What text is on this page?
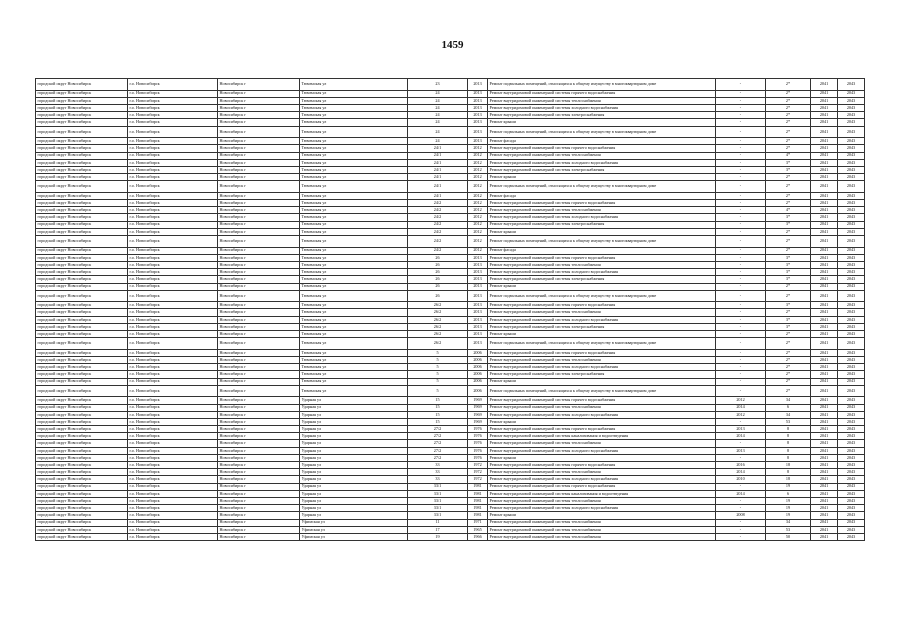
1459
городской округ Новосибирск	г.о. Новосибирск	Новосибирск г	Тюменская ул	23	2013	Ремонт подвальных помещений, относящихся к общему имуществу в многоквартирном доме	-	2*	2041	2043
городской округ Новосибирск	г.о. Новосибирск	Новосибирск г	Тюменская ул	24	2013	Ремонт внутридомовой инженерной системы горячего водоснабжения	-	2*	2041	2043
городской округ Новосибирск	г.о. Новосибирск	Новосибирск г	Тюменская ул	24	2013	Ремонт внутридомовой инженерной системы теплоснабжения	-	2*	2041	2043
городской округ Новосибирск	г.о. Новосибирск	Новосибирск г	Тюменская ул	24	2013	Ремонт внутридомовой инженерной системы холодного водоснабжения	-	2*	2041	2043
городской округ Новосибирск	г.о. Новосибирск	Новосибирск г	Тюменская ул	24	2013	Ремонт внутридомовой инженерной системы электроснабжения	-	2*	2041	2043
городской округ Новосибирск	г.о. Новосибирск	Новосибирск г	Тюменская ул	24	2013	Ремонт крыши	-	2*	2041	2043
городской округ Новосибирск	г.о. Новосибирск	Новосибирск г	Тюменская ул	24	2013	Ремонт подвальных помещений, относящихся к общему имуществу в многоквартирном доме	-	2*	2041	2043
городской округ Новосибирск	г.о. Новосибирск	Новосибирск г	Тюменская ул	24	2013	Ремонт фасада	-	2*	2041	2043
городской округ Новосибирск	г.о. Новосибирск	Новосибирск г	Тюменская ул	24/1	2012	Ремонт внутридомовой инженерной системы горячего водоснабжения	-	2*	2041	2043
городской округ Новосибирск	г.о. Новосибирск	Новосибирск г	Тюменская ул	24/1	2012	Ремонт внутридомовой инженерной системы теплоснабжения	-	4*	2041	2043
городской округ Новосибирск	г.о. Новосибирск	Новосибирск г	Тюменская ул	24/1	2012	Ремонт внутридомовой инженерной системы холодного водоснабжения	-	3*	2041	2043
городской округ Новосибирск	г.о. Новосибирск	Новосибирск г	Тюменская ул	24/1	2012	Ремонт внутридомовой инженерной системы электроснабжения	-	3*	2041	2043
городской округ Новосибирск	г.о. Новосибирск	Новосибирск г	Тюменская ул	24/1	2012	Ремонт крыши	-	2*	2041	2043
городской округ Новосибирск	г.о. Новосибирск	Новосибирск г	Тюменская ул	24/1	2012	Ремонт подвальных помещений, относящихся к общему имуществу в многоквартирном доме	-	2*	2041	2043
городской округ Новосибирск	г.о. Новосибирск	Новосибирск г	Тюменская ул	24/1	2012	Ремонт фасада	-	2*	2041	2043
городской округ Новосибирск	г.о. Новосибирск	Новосибирск г	Тюменская ул	24/2	2012	Ремонт внутридомовой инженерной системы горячего водоснабжения	-	2*	2041	2043
городской округ Новосибирск	г.о. Новосибирск	Новосибирск г	Тюменская ул	24/2	2012	Ремонт внутридомовой инженерной системы теплоснабжения	-	4*	2041	2043
городской округ Новосибирск	г.о. Новосибирск	Новосибирск г	Тюменская ул	24/2	2012	Ремонт внутридомовой инженерной системы холодного водоснабжения	-	3*	2041	2043
городской округ Новосибирск	г.о. Новосибирск	Новосибирск г	Тюменская ул	24/2	2012	Ремонт внутридомовой инженерной системы электроснабжения	-	3*	2041	2043
городской округ Новосибирск	г.о. Новосибирск	Новосибирск г	Тюменская ул	24/2	2012	Ремонт крыши	-	2*	2041	2043
городской округ Новосибирск	г.о. Новосибирск	Новосибирск г	Тюменская ул	24/2	2012	Ремонт подвальных помещений, относящихся к общему имуществу в многоквартирном доме	-	2*	2041	2043
городской округ Новосибирск	г.о. Новосибирск	Новосибирск г	Тюменская ул	24/2	2012	Ремонт фасада	-	2*	2041	2043
городской округ Новосибирск	г.о. Новосибирск	Новосибирск г	Тюменская ул	26	2013	Ремонт внутридомовой инженерной системы горячего водоснабжения	-	3*	2041	2043
городской округ Новосибирск	г.о. Новосибирск	Новосибирск г	Тюменская ул	26	2013	Ремонт внутридомовой инженерной системы теплоснабжения	-	3*	2041	2043
городской округ Новосибирск	г.о. Новосибирск	Новосибирск г	Тюменская ул	26	2013	Ремонт внутридомовой инженерной системы холодного водоснабжения	-	3*	2041	2043
городской округ Новосибирск	г.о. Новосибирск	Новосибирск г	Тюменская ул	26	2013	Ремонт внутридомовой инженерной системы электроснабжения	-	3*	2041	2043
городской округ Новосибирск	г.о. Новосибирск	Новосибирск г	Тюменская ул	26	2013	Ремонт крыши	-	2*	2041	2043
городской округ Новосибирск	г.о. Новосибирск	Новосибирск г	Тюменская ул	26	2013	Ремонт подвальных помещений, относящихся к общему имуществу в многоквартирном доме	-	2*	2041	2043
городской округ Новосибирск	г.о. Новосибирск	Новосибирск г	Тюменская ул	26/2	2013	Ремонт внутридомовой инженерной системы горячего водоснабжения	-	3*	2041	2043
городской округ Новосибирск	г.о. Новосибирск	Новосибирск г	Тюменская ул	26/2	2013	Ремонт внутридомовой инженерной системы теплоснабжения	-	2*	2041	2043
городской округ Новосибирск	г.о. Новосибирск	Новосибирск г	Тюменская ул	26/2	2013	Ремонт внутридомовой инженерной системы холодного водоснабжения	-	3*	2041	2043
городской округ Новосибирск	г.о. Новосибирск	Новосибирск г	Тюменская ул	26/2	2013	Ремонт внутридомовой инженерной системы электроснабжения	-	3*	2041	2043
городской округ Новосибирск	г.о. Новосибирск	Новосибирск г	Тюменская ул	26/2	2013	Ремонт крыши	-	2*	2041	2043
городской округ Новосибирск	г.о. Новосибирск	Новосибирск г	Тюменская ул	26/2	2013	Ремонт подвальных помещений, относящихся к общему имуществу в многоквартирном доме	-	2*	2041	2043
городской округ Новосибирск	г.о. Новосибирск	Новосибирск г	Тюменская ул	5	2006	Ремонт внутридомовой инженерной системы горячего водоснабжения	-	2*	2041	2043
городской округ Новосибирск	г.о. Новосибирск	Новосибирск г	Тюменская ул	5	2006	Ремонт внутридомовой инженерной системы теплоснабжения	-	2*	2041	2043
городской округ Новосибирск	г.о. Новосибирск	Новосибирск г	Тюменская ул	5	2006	Ремонт внутридомовой инженерной системы холодного водоснабжения	-	2*	2041	2043
городской округ Новосибирск	г.о. Новосибирск	Новосибирск г	Тюменская ул	5	2006	Ремонт внутридомовой инженерной системы электроснабжения	-	2*	2041	2043
городской округ Новосибирск	г.о. Новосибирск	Новосибирск г	Тюменская ул	5	2006	Ремонт крыши	-	2*	2041	2043
городской округ Новосибирск	г.о. Новосибирск	Новосибирск г	Тюменская ул	5	2006	Ремонт подвальных помещений, относящихся к общему имуществу в многоквартирном доме	-	2*	2041	2043
городской округ Новосибирск	г.о. Новосибирск	Новосибирск г	Ударная ул	15	1969	Ремонт внутридомовой инженерной системы горячего водоснабжения	2012	34	2041	2043
городской округ Новосибирск	г.о. Новосибирск	Новосибирск г	Ударная ул	15	1969	Ремонт внутридомовой инженерной системы теплоснабжения	2014	6	2041	2043
городской округ Новосибирск	г.о. Новосибирск	Новосибирск г	Ударная ул	15	1969	Ремонт внутридомовой инженерной системы холодного водоснабжения	2012	34	2041	2043
городской округ Новосибирск	г.о. Новосибирск	Новосибирск г	Ударная ул	15	1969	Ремонт крыши	-	53	2041	2043
городской округ Новосибирск	г.о. Новосибирск	Новосибирск г	Ударная ул	27/2	1976	Ремонт внутридомовой инженерной системы горячего водоснабжения	2013	8	2041	2043
городской округ Новосибирск	г.о. Новосибирск	Новосибирск г	Ударная ул	27/2	1976	Ремонт внутридомовой инженерной системы канализования и водоотведения	2014	8	2041	2043
городской округ Новосибирск	г.о. Новосибирск	Новосибирск г	Ударная ул	27/2	1976	Ремонт внутридомовой инженерной системы теплоснабжения	-	8	2041	2043
городской округ Новосибирск	г.о. Новосибирск	Новосибирск г	Ударная ул	27/2	1976	Ремонт внутридомовой инженерной системы холодного водоснабжения	2013	8	2041	2043
городской округ Новосибирск	г.о. Новосибирск	Новосибирск г	Ударная ул	27/2	1976	Ремонт крыши	-	8	2041	2043
городской округ Новосибирск	г.о. Новосибирск	Новосибирск г	Ударная ул	33	1972	Ремонт внутридомовой инженерной системы горячего водоснабжения	2016	18	2041	2043
городской округ Новосибирск	г.о. Новосибирск	Новосибирск г	Ударная ул	33	1972	Ремонт внутридомовой инженерной системы теплоснабжения	2014	8	2041	2043
городской округ Новосибирск	г.о. Новосибирск	Новосибирск г	Ударная ул	33	1972	Ремонт внутридомовой инженерной системы холодного водоснабжения	2010	18	2041	2043
городской округ Новосибирск	г.о. Новосибирск	Новосибирск г	Ударная ул	33/1	1981	Ремонт внутридомовой инженерной системы горячего водоснабжения	-	19	2041	2043
городской округ Новосибирск	г.о. Новосибирск	Новосибирск г	Ударная ул	33/1	1981	Ремонт внутридомовой инженерной системы канализования и водоотведения	2014	6	2041	2043
городской округ Новосибирск	г.о. Новосибирск	Новосибирск г	Ударная ул	33/1	1981	Ремонт внутридомовой инженерной системы теплоснабжения	-	19	2041	2043
городской округ Новосибирск	г.о. Новосибирск	Новосибирск г	Ударная ул	33/1	1981	Ремонт внутридомовой инженерной системы холодного водоснабжения	-	19	2041	2043
городской округ Новосибирск	г.о. Новосибирск	Новосибирск г	Ударная ул	33/1	1981	Ремонт крыши	2008	19	2041	2043
городской округ Новосибирск	г.о. Новосибирск	Новосибирск г	Уфимская ул	11	1971	Ремонт внутридомовой инженерной системы теплоснабжения	-	34	2041	2043
городской округ Новосибирск	г.о. Новосибирск	Новосибирск г	Уфимская ул	17	1965	Ремонт внутридомовой инженерной системы теплоснабжения	-	53	2041	2043
городской округ Новосибирск	г.о. Новосибирск	Новосибирск г	Уфимская ул	19	1966	Ремонт внутридомовой инженерной системы теплоснабжения	-	50	2041	2043
